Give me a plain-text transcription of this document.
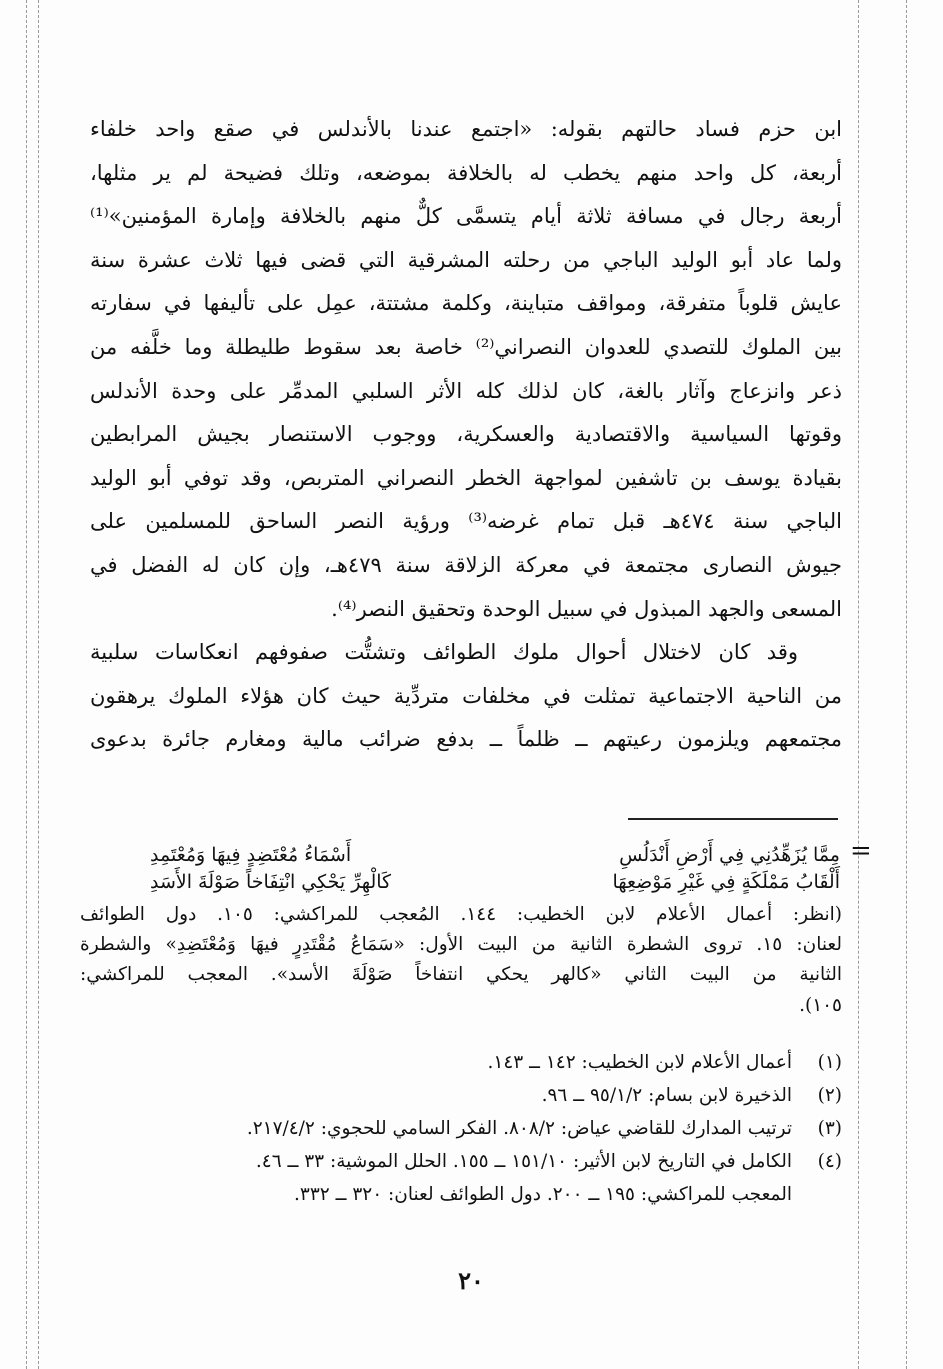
ابن حزم فساد حالتهم بقوله: «اجتمع عندنا بالأندلس في صقع واحد خلفاء
أربعة، كل واحد منهم يخطب له بالخلافة بموضعه، وتلك فضيحة لم ير مثلها،
أربعة رجال في مسافة ثلاثة أيام يتسمَّى كلٌّ منهم بالخلافة وإمارة المؤمنين»⁽¹⁾
ولما عاد أبو الوليد الباجي من رحلته المشرقية التي قضى فيها ثلاث عشرة سنة
عايش قلوباً متفرقة، ومواقف متباينة، وكلمة مشتتة، عمِل على تأليفها في سفارته
بين الملوك للتصدي للعدوان النصراني⁽²⁾ خاصة بعد سقوط طليطلة وما خلَّفه من
ذعر وانزعاج وآثار بالغة، كان لذلك كله الأثر السلبي المدمِّر على وحدة الأندلس
وقوتها السياسية والاقتصادية والعسكرية، ووجوب الاستنصار بجيش المرابطين
بقيادة يوسف بن تاشفين لمواجهة الخطر النصراني المتربص، وقد توفي أبو الوليد
الباجي سنة ٤٧٤هـ قبل تمام غرضه⁽³⁾ ورؤية النصر الساحق للمسلمين على
جيوش النصارى مجتمعة في معركة الزلاقة سنة ٤٧٩هـ، وإن كان له الفضل في
المسعى والجهد المبذول في سبيل الوحدة وتحقيق النصر⁽⁴⁾.
وقد كان لاختلال أحوال ملوك الطوائف وتشتُّت صفوفهم انعكاسات سلبية
من الناحية الاجتماعية تمثلت في مخلفات متردِّية حيث كان هؤلاء الملوك يرهقون
مجتمعهم ويلزمون رعيتهم ــ ظلماً ــ بدفع ضرائب مالية ومغارم جائرة بدعوى
=
مِمَّا يُزَهِّدُنِي فِي أَرْضِ أَنْدَلُسِ
أَسْمَاءُ مُعْتَضِدٍ فِيهَا وَمُعْتَمِدِ
أَلْقَابُ مَمْلَكَةٍ فِي غَيْرِ مَوْضِعِهَا
كَالْهِرِّ يَحْكِي انْتِفَاخاً صَوْلَةَ الأَسَدِ
(انظر: أعمال الأعلام لابن الخطيب: ١٤٤. المُعجب للمراكشي: ١٠٥. دول الطوائف
لعنان: ١٥. تروى الشطرة الثانية من البيت الأول: «سَمَاعُ مُقْتَدِرٍ فيهَا وَمُعْتَضِدِ» والشطرة
الثانية من البيت الثاني «كالهر يحكي انتفاخاً صَوْلَةَ الأسد». المعجب للمراكشي:
١٠٥).
(١)
أعمال الأعلام لابن الخطيب: ١٤٢ ــ ١٤٣.
(٢)
الذخيرة لابن بسام: ٩٥/١/٢ ــ ٩٦.
(٣)
ترتيب المدارك للقاضي عياض: ٨٠٨/٢. الفكر السامي للحجوي: ٢١٧/٤/٢.
(٤)
الكامل في التاريخ لابن الأثير: ١٥١/١٠ ــ ١٥٥. الحلل الموشية: ٣٣ ــ ٤٦.
المعجب للمراكشي: ١٩٥ ــ ٢٠٠. دول الطوائف لعنان: ٣٢٠ ــ ٣٣٢.
٢٠
